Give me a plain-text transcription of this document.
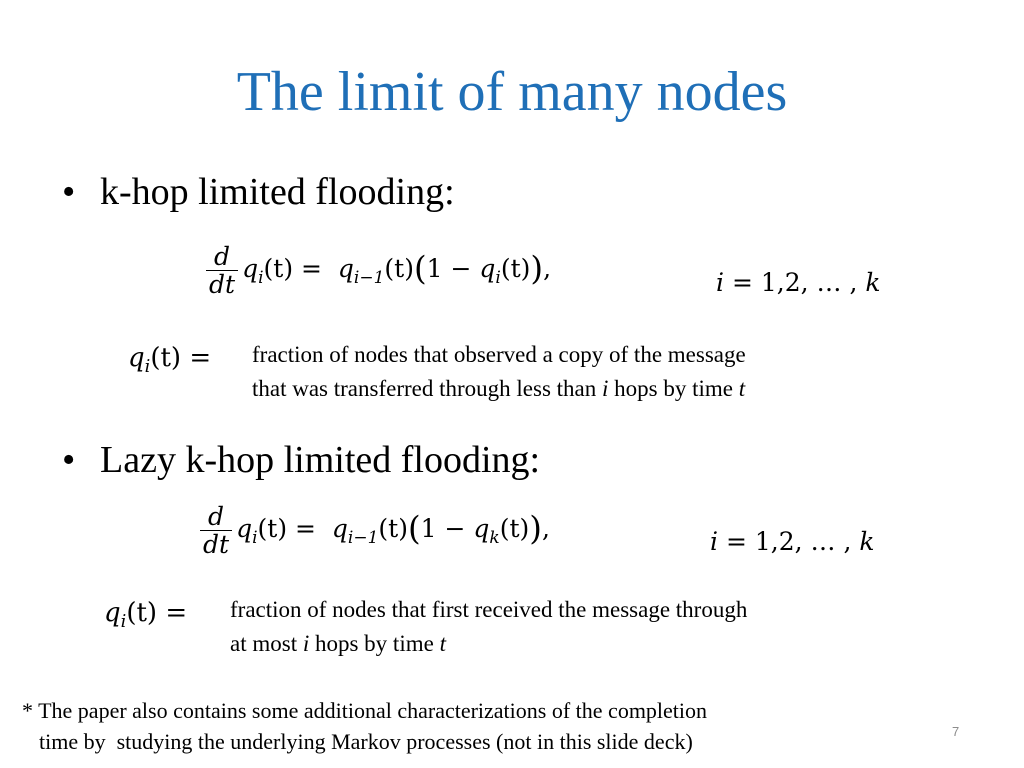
The limit of many nodes
• k-hop limited flooding:
$\frac{d}{dt} q_i(t) = q_{i-1}(t)(1 - q_i(t))$,	i = 1,2, … , k
$q_i(t)$ = fraction of nodes that observed a copy of the message
that was transferred through less than i hops by time t
• Lazy k-hop limited flooding:
$\frac{d}{dt} q_i(t) = q_{i-1}(t)(1 - q_k(t))$,	i = 1,2, … , k
$q_i(t)$ = fraction of nodes that first received the message through
at most i hops by time t
* The paper also contains some additional characterizations of the completion
time by  studying the underlying Markov processes (not in this slide deck)	7
